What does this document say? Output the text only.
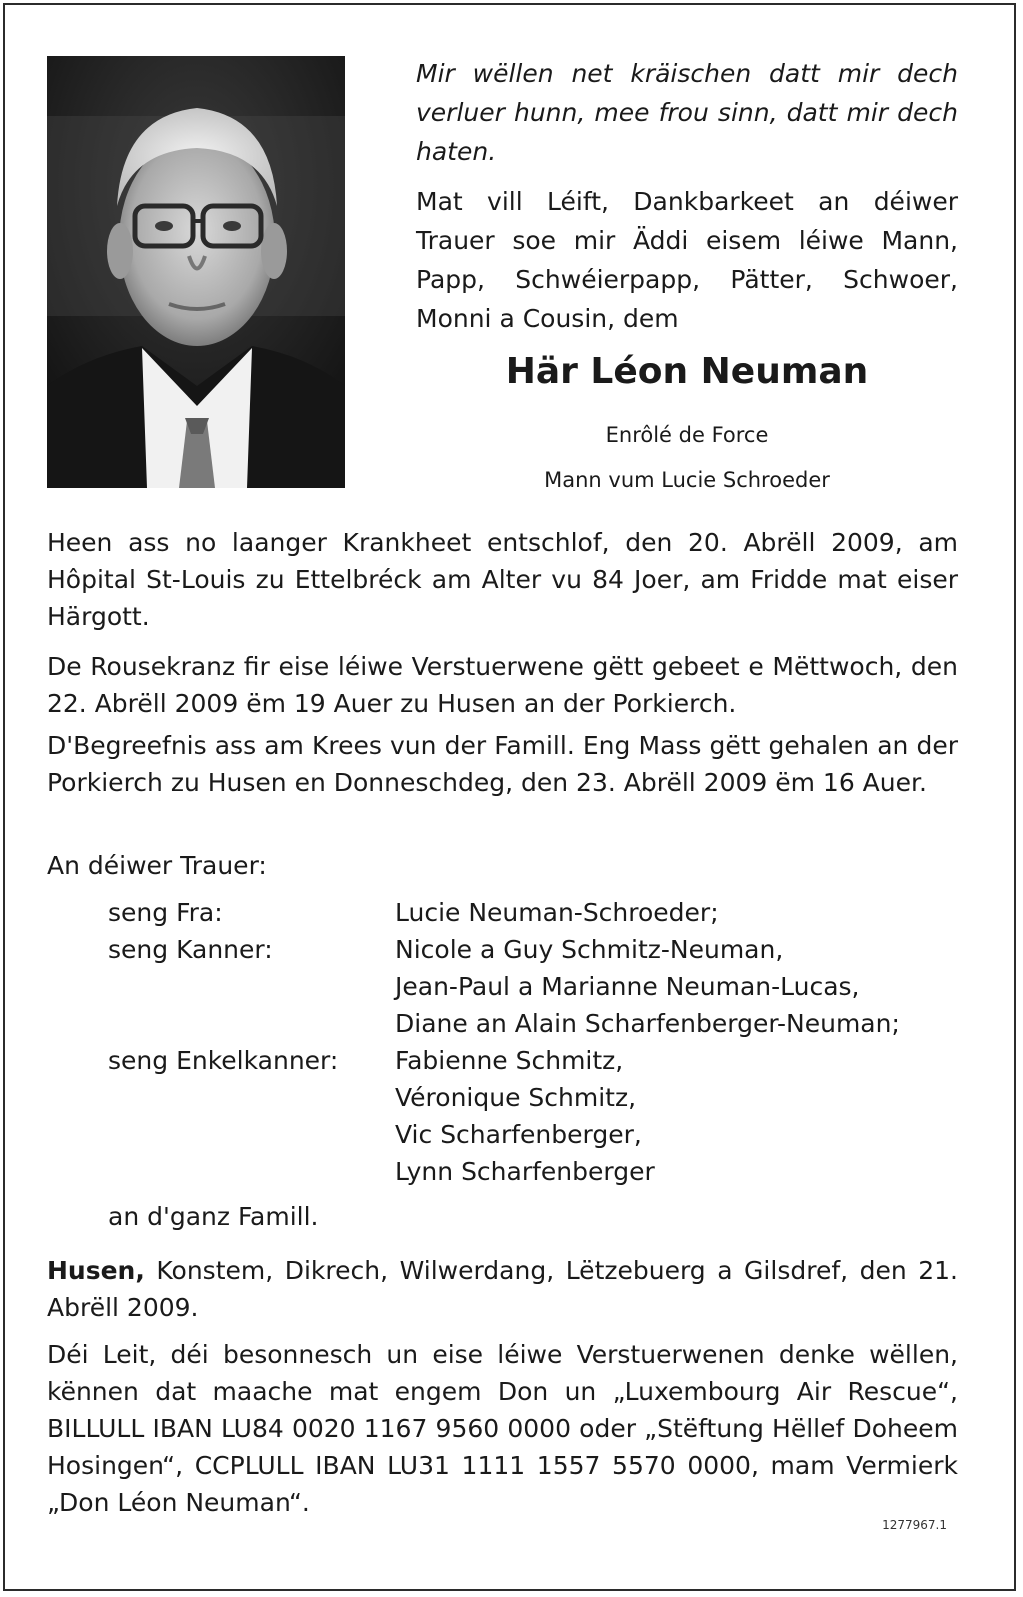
Mir wëllen net kräischen datt mir dech verluer hunn, mee frou sinn, datt mir dech haten.

Mat vill Léift, Dankbarkeet an déiwer Trauer soe mir Äddi eisem léiwe Mann, Papp, Schwéierpapp, Pätter, Schwoer, Monni a Cousin, dem

Här Léon Neuman

Enrôlé de Force

Mann vum Lucie Schroeder

Heen ass no laanger Krankheet entschlof, den 20. Abrëll 2009, am Hôpital St-Louis zu Ettelbréck am Alter vu 84 Joer, am Fridde mat eiser Härgott.

De Rousekranz fir eise léiwe Verstuerwene gëtt gebeet e Mëttwoch, den 22. Abrëll 2009 ëm 19 Auer zu Husen an der Porkierch.

D'Begreefnis ass am Krees vun der Famill. Eng Mass gëtt gehalen an der Porkierch zu Husen en Donneschdeg, den 23. Abrëll 2009 ëm 16 Auer.

An déiwer Trauer:

seng Fra:	Lucie Neuman-Schroeder;
seng Kanner:	Nicole a Guy Schmitz-Neuman,
Jean-Paul a Marianne Neuman-Lucas,
Diane an Alain Scharfenberger-Neuman;
seng Enkelkanner:	Fabienne Schmitz,
Véronique Schmitz,
Vic Scharfenberger,
Lynn Scharfenberger
an d'ganz Famill.

Husen, Konstem, Dikrech, Wilwerdang, Lëtzebuerg a Gilsdref, den 21. Abrëll 2009.

Déi Leit, déi besonnesch un eise léiwe Verstuerwenen denke wëllen, kënnen dat maache mat engem Don un „Luxembourg Air Rescue“, BILLULL IBAN LU84 0020 1167 9560 0000 oder „Stëftung Hëllef Doheem Hosingen“, CCPLULL IBAN LU31 1111 1557 5570 0000, mam Vermierk „Don Léon Neuman“.

1277967.1
